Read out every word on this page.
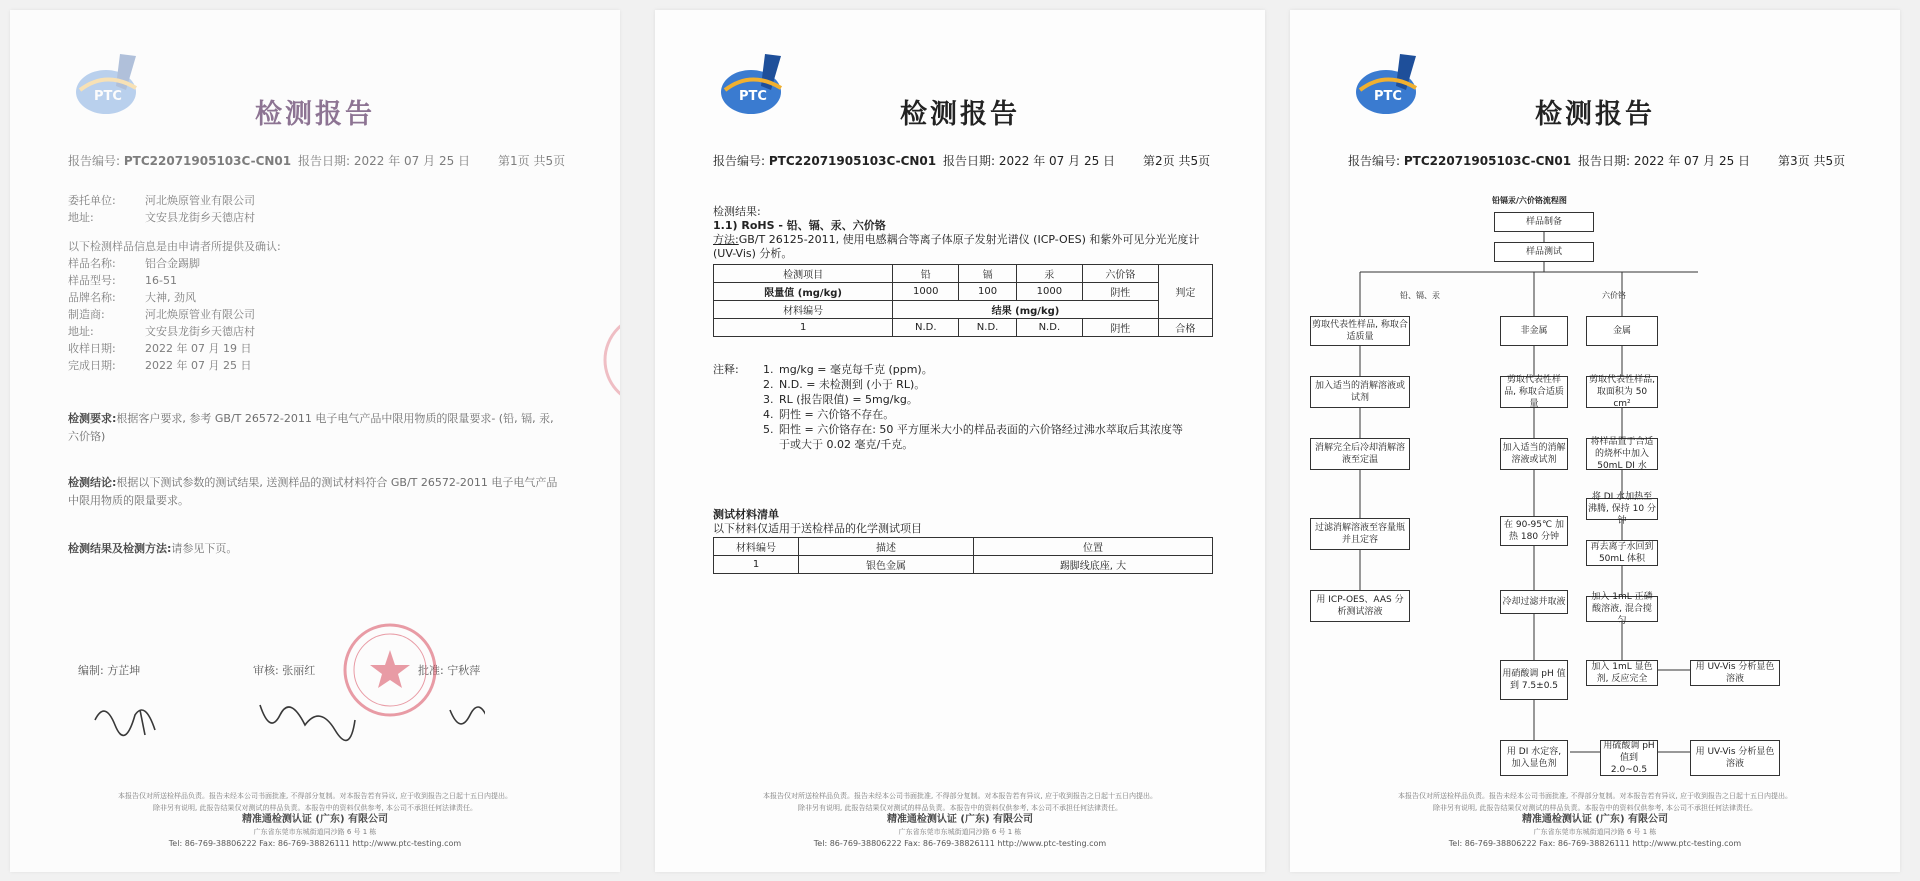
PTC
检测报告
报告编号: PTC22071905103C-CN01 报告日期: 2022 年 07 月 25 日	第1页 共5页
委托单位:	河北焕原管业有限公司
地址:	文安县龙街乡天德店村
以下检测样品信息是由申请者所提供及确认:
样品名称:	铝合金踢脚
样品型号:	16-51
品牌名称:	大神, 劲风
制造商:	河北焕原管业有限公司
地址:	文安县龙街乡天德店村
收样日期:	2022 年 07 月 19 日
完成日期:	2022 年 07 月 25 日
检测要求:根据客户要求, 参考 GB/T 26572-2011 电子电气产品中限用物质的限量要求- (铅, 镉, 汞, 六价铬)
检测结论:根据以下测试参数的测试结果, 送测样品的测试材料符合 GB/T 26572-2011 电子电气产品中限用物质的限量要求。
检测结果及检测方法:请参见下页。
编制: 方芷坤	审核: 张丽红	批准: 宁秋萍
本报告仅对所送检样品负责。报告未经本公司书面批准, 不得部分复制。对本报告若有异议, 应于收到报告之日起十五日内提出。
除非另有说明, 此报告结果仅对测试的样品负责。本报告中的资料仅供参考, 本公司不承担任何法律责任。
精准通检测认证 (广东) 有限公司
广东省东莞市东城街道同沙路 6 号 1 栋
Tel: 86-769-38806222 Fax: 86-769-38826111 http://www.ptc-testing.com
PTC
检测报告
报告编号: PTC22071905103C-CN01 报告日期: 2022 年 07 月 25 日	第2页 共5页
检测结果:
1.1) RoHS - 铅、镉、汞、六价铬
方法:GB/T 26125-2011, 使用电感耦合等离子体原子发射光谱仪 (ICP-OES) 和紫外可见分光光度计 (UV-Vis) 分析。
检测项目	铅	镉	汞	六价铬	判定
限量值 (mg/kg)	1000	100	1000	阴性	
材料编号	结果 (mg/kg)				
1	N.D.	N.D.	N.D.	阴性	合格
注释:	1. mg/kg = 毫克每千克 (ppm)。
2. N.D. = 未检测到 (小于 RL)。
3. RL (报告限值) = 5mg/kg。
4. 阴性 = 六价铬不存在。
5. 阳性 = 六价铬存在: 50 平方厘米大小的样品表面的六价铬经过沸水萃取后其浓度等于或大于 0.02 毫克/千克。
测试材料清单
以下材料仅适用于送检样品的化学测试项目
材料编号	描述	位置
1	银色金属	踢脚线底座, 大
本报告仅对所送检样品负责。报告未经本公司书面批准, 不得部分复制。对本报告若有异议, 应于收到报告之日起十五日内提出。
除非另有说明, 此报告结果仅对测试的样品负责。本报告中的资料仅供参考, 本公司不承担任何法律责任。
精准通检测认证 (广东) 有限公司
广东省东莞市东城街道同沙路 6 号 1 栋
Tel: 86-769-38806222 Fax: 86-769-38826111 http://www.ptc-testing.com
PTC
检测报告
报告编号: PTC22071905103C-CN01 报告日期: 2022 年 07 月 25 日	第3页 共5页
铅镉汞/六价铬流程图
样品制备
样品测试
铅、镉、汞	六价铬
剪取代表性样品, 称取合适质量
加入适当的消解溶液或试剂
消解完全后冷却消解溶液至定温
过滤消解溶液至容量瓶并且定容
用 ICP-OES、AAS 分析测试溶液
非金属
剪取代表性样品, 称取合适质量
加入适当的消解溶液或试剂
在 90-95℃ 加热 180 分钟
冷却过滤并取液
用硝酸调 pH 值到 7.5±0.5
用 DI 水定容, 加入显色剂
金属
剪取代表性样品, 取面积为 50 cm²
将样品置于合适的烧杯中加入 50mL DI 水
将 DI 水加热至沸腾, 保持 10 分钟
再去离子水回到 50mL 体积
加入 1mL 正磷酸溶液, 混合搅匀
加入 1mL 显色剂, 反应完全
用 UV-Vis 分析显色溶液
用硫酸调 pH 值到 2.0~0.5
用 UV-Vis 分析显色溶液
本报告仅对所送检样品负责。报告未经本公司书面批准, 不得部分复制。对本报告若有异议, 应于收到报告之日起十五日内提出。
除非另有说明, 此报告结果仅对测试的样品负责。本报告中的资料仅供参考, 本公司不承担任何法律责任。
精准通检测认证 (广东) 有限公司
广东省东莞市东城街道同沙路 6 号 1 栋
Tel: 86-769-38806222 Fax: 86-769-38826111 http://www.ptc-testing.com
